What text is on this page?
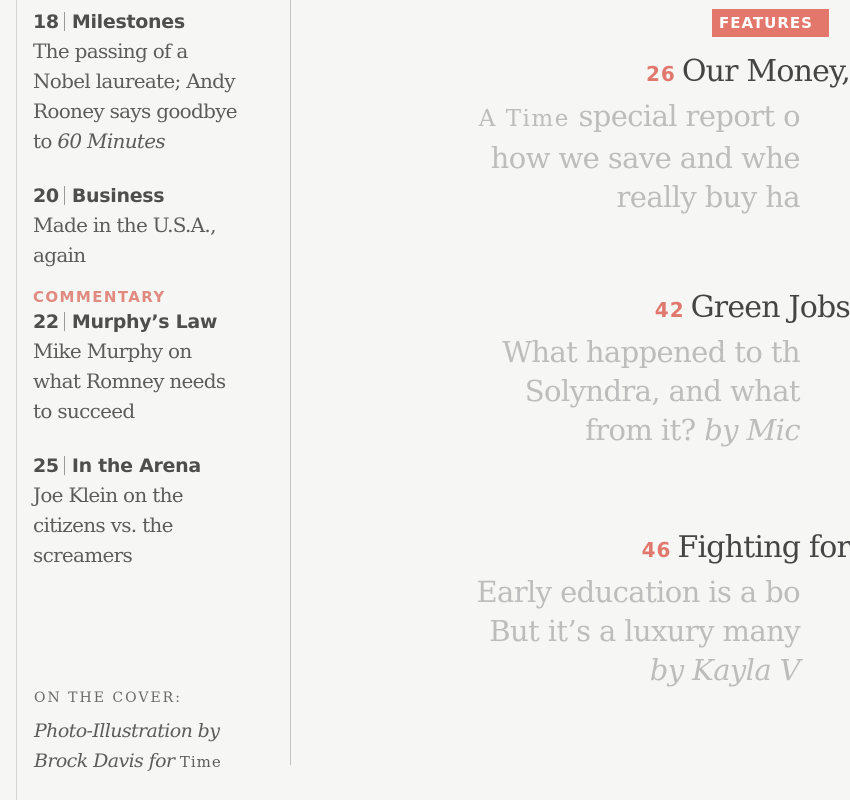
18 Milestones
The passing of a
Nobel laureate; Andy
Rooney says goodbye
to 60 Minutes
20 Business
Made in the U.S.A.,
again
COMMENTARY
22 Murphy’s Law
Mike Murphy on
what Romney needs
to succeed
25 In the Arena
Joe Klein on the
citizens vs. the
screamers
ON THE COVER:
Photo-Illustration by
Brock Davis for Time
FEATURES
26 Our Money,
A Time special report o
how we save and whe
really buy ha
42 Green Jobs
What happened to th
Solyndra, and what
from it? by Mic
46 Fighting for
Early education is a bo
But it’s a luxury many
by Kayla V
